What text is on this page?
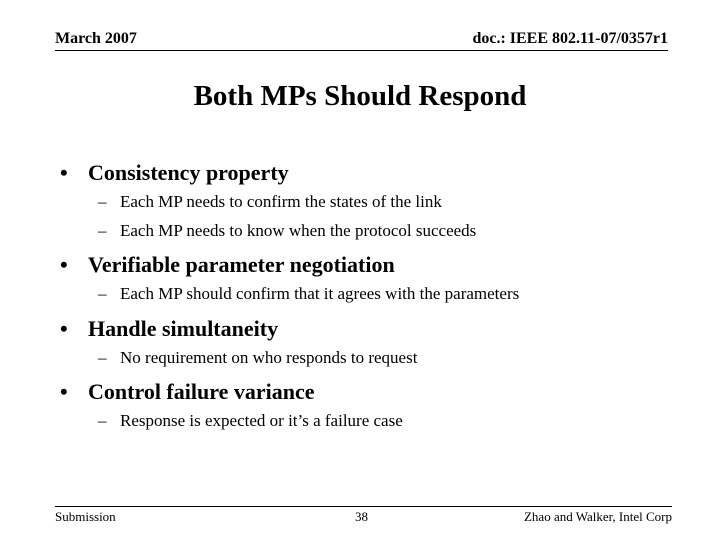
March 2007	doc.: IEEE 802.11-07/0357r1
Both MPs Should Respond
• Consistency property
– Each MP needs to confirm the states of the link
– Each MP needs to know when the protocol succeeds
• Verifiable parameter negotiation
– Each MP should confirm that it agrees with the parameters
• Handle simultaneity
– No requirement on who responds to request
• Control failure variance
– Response is expected or it’s a failure case
Submission	38	Zhao and Walker, Intel Corp
